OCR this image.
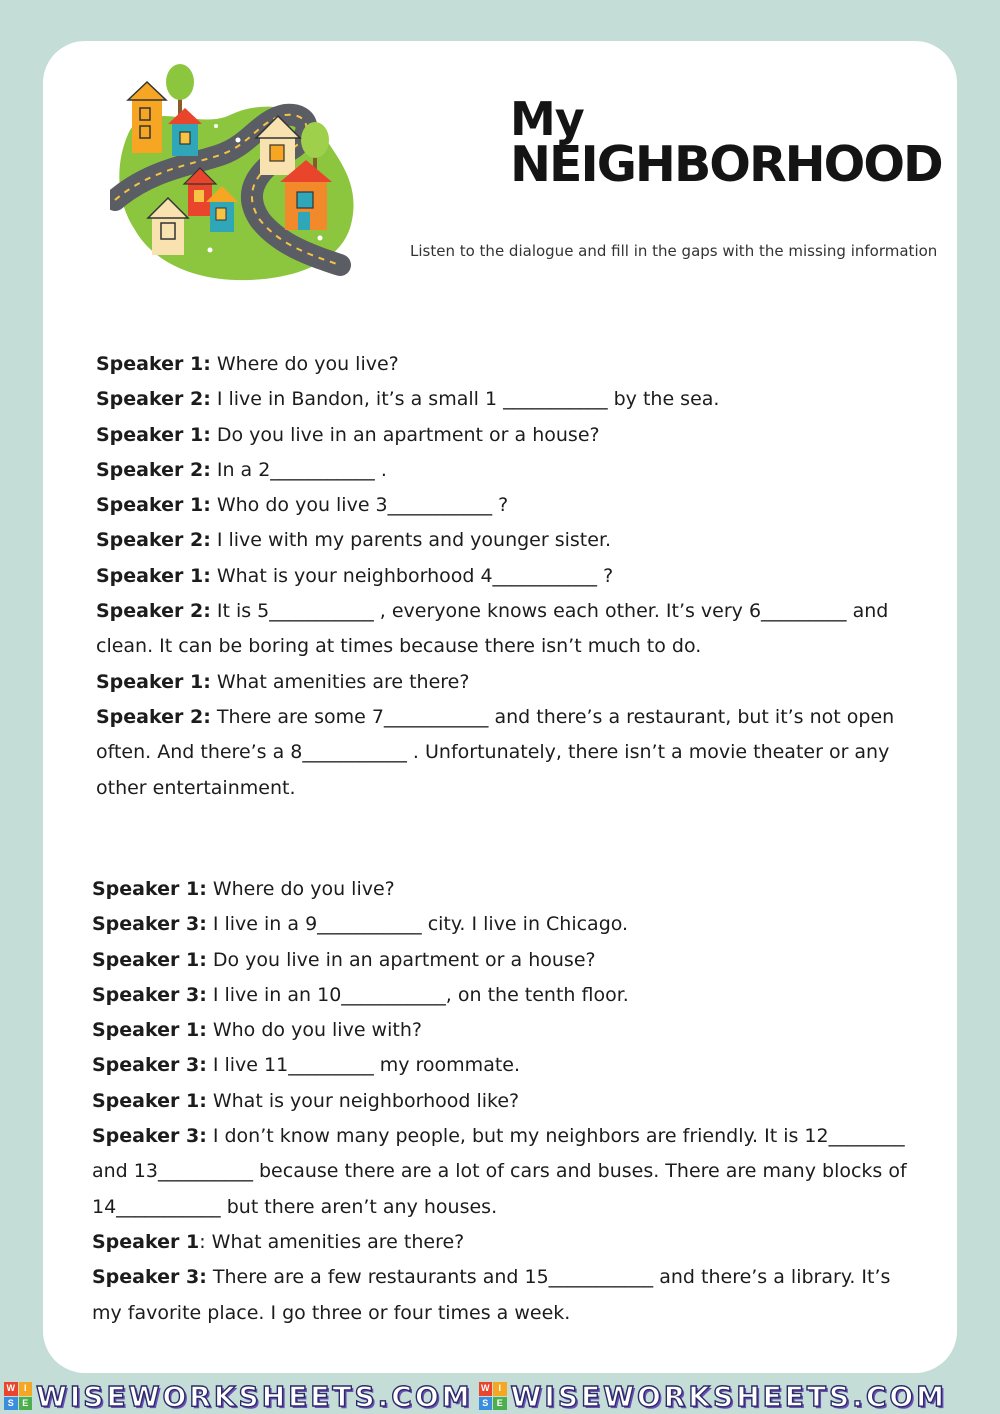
My
NEIGHBORHOOD
Listen to the dialogue and fill in the gaps with the missing information

Speaker 1: Where do you live?

Speaker 2: I live in Bandon, it’s a small 1 ___________ by the sea.

Speaker 1: Do you live in an apartment or a house?

Speaker 2: In a 2___________ .

Speaker 1: Who do you live 3___________ ?

Speaker 2: I live with my parents and younger sister.

Speaker 1: What is your neighborhood 4___________ ?

Speaker 2: It is 5___________ , everyone knows each other. It’s very 6_________ and clean. It can be boring at times because there isn’t much to do.

Speaker 1: What amenities are there?

Speaker 2: There are some 7___________ and there’s a restaurant, but it’s not open often. And there’s a 8___________ . Unfortunately, there isn’t a movie theater or any other entertainment.

Speaker 1: Where do you live?

Speaker 3: I live in a 9___________ city. I live in Chicago.

Speaker 1: Do you live in an apartment or a house?

Speaker 3: I live in an 10___________, on the tenth floor.

Speaker 1: Who do you live with?

Speaker 3: I live 11_________ my roommate.

Speaker 1: What is your neighborhood like?

Speaker 3: I don’t know many people, but my neighbors are friendly. It is 12________ and 13__________ because there are a lot of cars and buses. There are many blocks of 14___________ but there aren’t any houses.

Speaker 1: What amenities are there?

Speaker 3: There are a few restaurants and 15___________ and there’s a library. It’s my favorite place. I go three or four times a week.

W I
S E WISEWORKSHEETS.COM W I
S E WISEWORKSHEETS.COM
